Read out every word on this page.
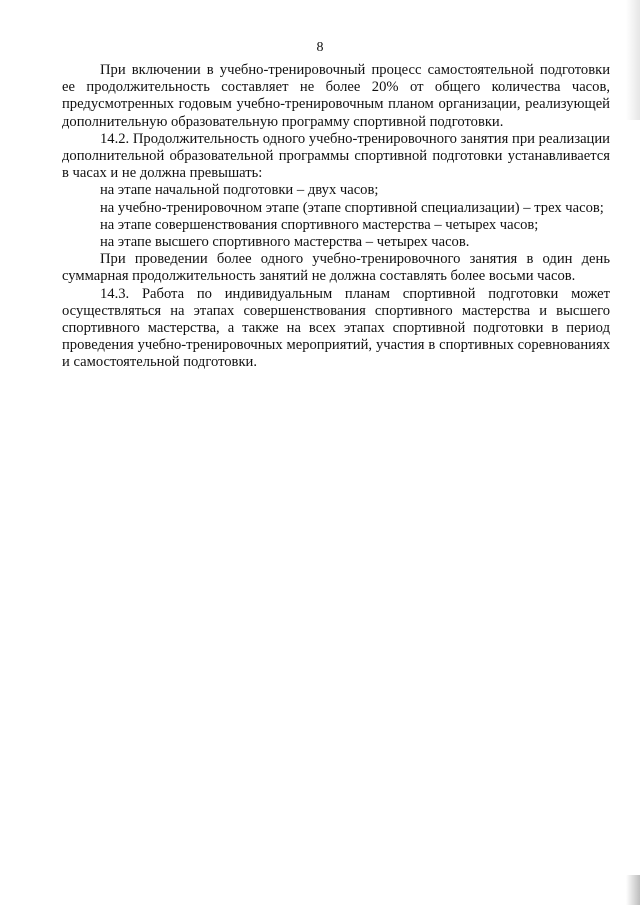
8

При включении в учебно-тренировочный процесс самостоятельной подготовки ее продолжительность составляет не более 20% от общего количества часов, предусмотренных годовым учебно-тренировочным планом организации, реализующей дополнительную образовательную программу спортивной подготовки.

14.2. Продолжительность одного учебно-тренировочного занятия при реализации дополнительной образовательной программы спортивной подготовки устанавливается в часах и не должна превышать:

на этапе начальной подготовки – двух часов;

на учебно-тренировочном этапе (этапе спортивной специализации) – трех часов;

на этапе совершенствования спортивного мастерства – четырех часов;

на этапе высшего спортивного мастерства – четырех часов.

При проведении более одного учебно-тренировочного занятия в один день суммарная продолжительность занятий не должна составлять более восьми часов.

14.3. Работа по индивидуальным планам спортивной подготовки может осуществляться на этапах совершенствования спортивного мастерства и высшего спортивного мастерства, а также на всех этапах спортивной подготовки в период проведения учебно-тренировочных мероприятий, участия в спортивных соревнованиях и самостоятельной подготовки.
